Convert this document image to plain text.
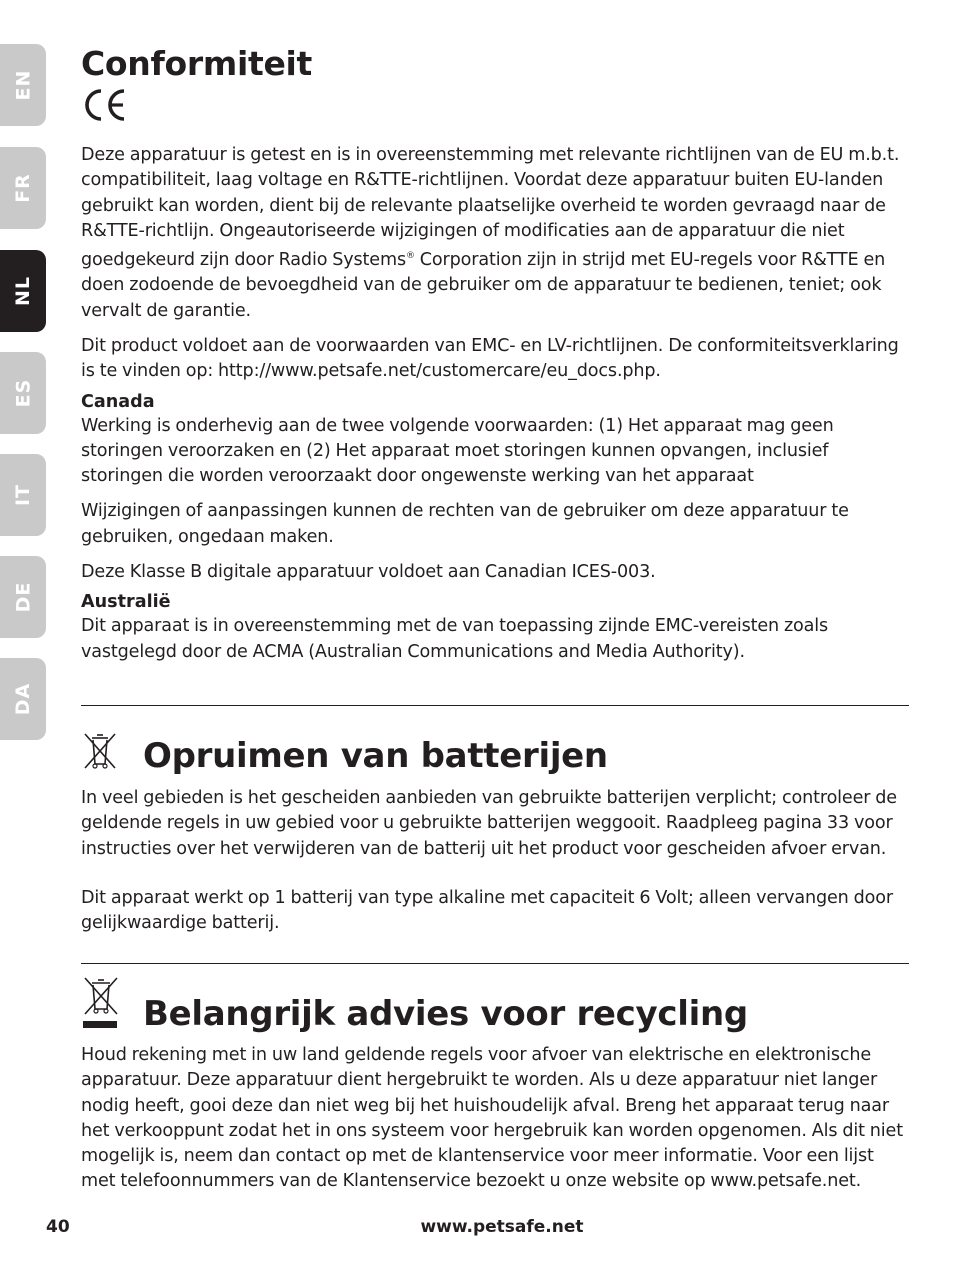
EN
FR
NL
ES
IT
DE
DA
Conformiteit

Deze apparatuur is getest en is in overeenstemming met relevante richtlijnen van de EU m.b.t. compatibiliteit, laag voltage en R&TTE-richtlijnen. Voordat deze apparatuur buiten EU-landen gebruikt kan worden, dient bij de relevante plaatselijke overheid te worden gevraagd naar de R&TTE-richtlijn. Ongeautoriseerde wijzigingen of modificaties aan de apparatuur die niet goedgekeurd zijn door Radio Systems® Corporation zijn in strijd met EU-regels voor R&TTE en doen zodoende de bevoegdheid van de gebruiker om de apparatuur te bedienen, teniet; ook vervalt de garantie.

Dit product voldoet aan de voorwaarden van EMC- en LV-richtlijnen. De conformiteitsverklaring is te vinden op: http://www.petsafe.net/customercare/eu_docs.php.

Canada

Werking is onderhevig aan de twee volgende voorwaarden: (1) Het apparaat mag geen storingen veroorzaken en (2) Het apparaat moet storingen kunnen opvangen, inclusief storingen die worden veroorzaakt door ongewenste werking van het apparaat

Wijzigingen of aanpassingen kunnen de rechten van de gebruiker om deze apparatuur te gebruiken, ongedaan maken.

Deze Klasse B digitale apparatuur voldoet aan Canadian ICES-003.

Australië

Dit apparaat is in overeenstemming met de van toepassing zijnde EMC-vereisten zoals vastgelegd door de ACMA (Australian Communications and Media Authority).

Opruimen van batterijen

In veel gebieden is het gescheiden aanbieden van gebruikte batterijen verplicht; controleer de geldende regels in uw gebied voor u gebruikte batterijen weggooit. Raadpleeg pagina 33 voor instructies over het verwijderen van de batterij uit het product voor gescheiden afvoer ervan.

Dit apparaat werkt op 1 batterij van type alkaline met capaciteit 6 Volt; alleen vervangen door gelijkwaardige batterij.

Belangrijk advies voor recycling

Houd rekening met in uw land geldende regels voor afvoer van elektrische en elektronische apparatuur. Deze apparatuur dient hergebruikt te worden. Als u deze apparatuur niet langer nodig heeft, gooi deze dan niet weg bij het huishoudelijk afval. Breng het apparaat terug naar het verkooppunt zodat het in ons systeem voor hergebruik kan worden opgenomen. Als dit niet mogelijk is, neem dan contact op met de klantenservice voor meer informatie. Voor een lijst met telefoonnummers van de Klantenservice bezoekt u onze website op www.petsafe.net.

40	www.petsafe.net
